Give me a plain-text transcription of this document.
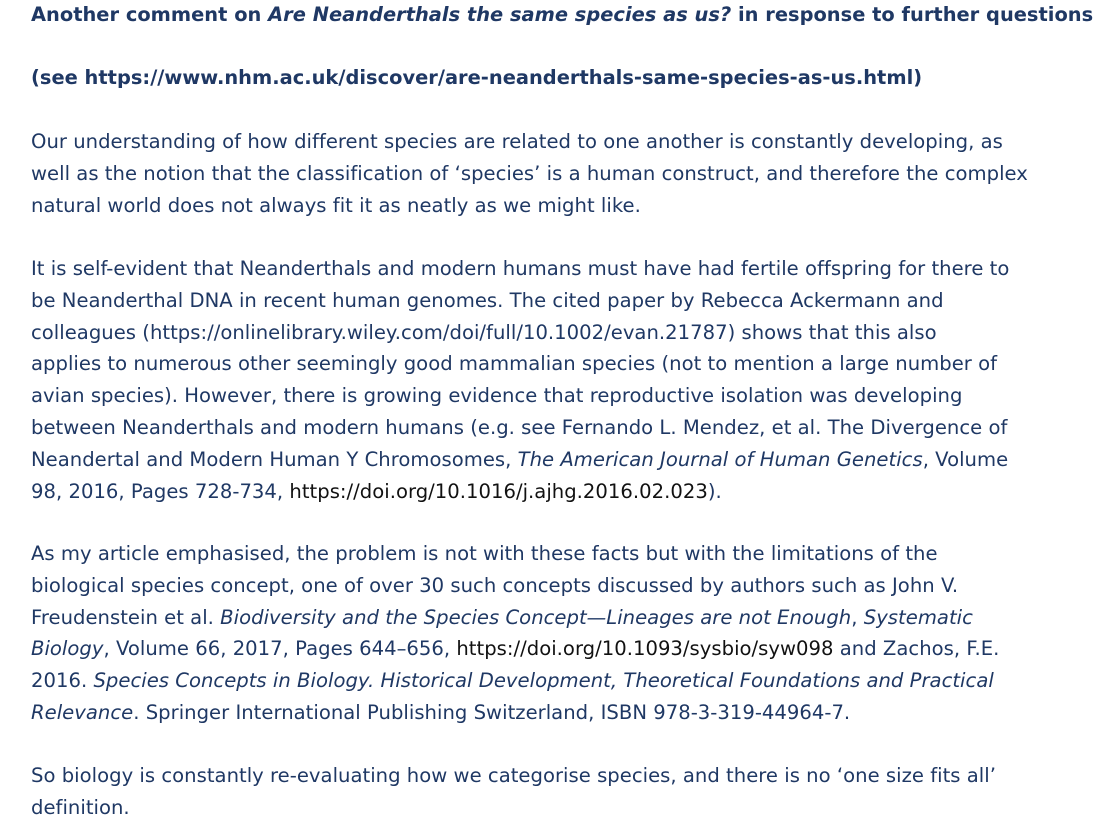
Another comment on Are Neanderthals the same species as us? in response to further questions

(see https://www.nhm.ac.uk/discover/are-neanderthals-same-species-as-us.html)

Our understanding of how different species are related to one another is constantly developing, as
well as the notion that the classification of ‘species’ is a human construct, and therefore the complex
natural world does not always fit it as neatly as we might like.
It is self-evident that Neanderthals and modern humans must have had fertile offspring for there to
be Neanderthal DNA in recent human genomes. The cited paper by Rebecca Ackermann and
colleagues (https://onlinelibrary.wiley.com/doi/full/10.1002/evan.21787) shows that this also
applies to numerous other seemingly good mammalian species (not to mention a large number of
avian species). However, there is growing evidence that reproductive isolation was developing
between Neanderthals and modern humans (e.g. see Fernando L. Mendez, et al. The Divergence of
Neandertal and Modern Human Y Chromosomes, The American Journal of Human Genetics, Volume
98, 2016, Pages 728-734, https://doi.org/10.1016/j.ajhg.2016.02.023).
As my article emphasised, the problem is not with these facts but with the limitations of the
biological species concept, one of over 30 such concepts discussed by authors such as John V.
Freudenstein et al. Biodiversity and the Species Concept—Lineages are not Enough, Systematic
Biology, Volume 66, 2017, Pages 644–656, https://doi.org/10.1093/sysbio/syw098 and Zachos, F.E.
2016. Species Concepts in Biology. Historical Development, Theoretical Foundations and Practical
Relevance. Springer International Publishing Switzerland, ISBN 978-3-319-44964-7.
So biology is constantly re-evaluating how we categorise species, and there is no ‘one size fits all’
definition.
